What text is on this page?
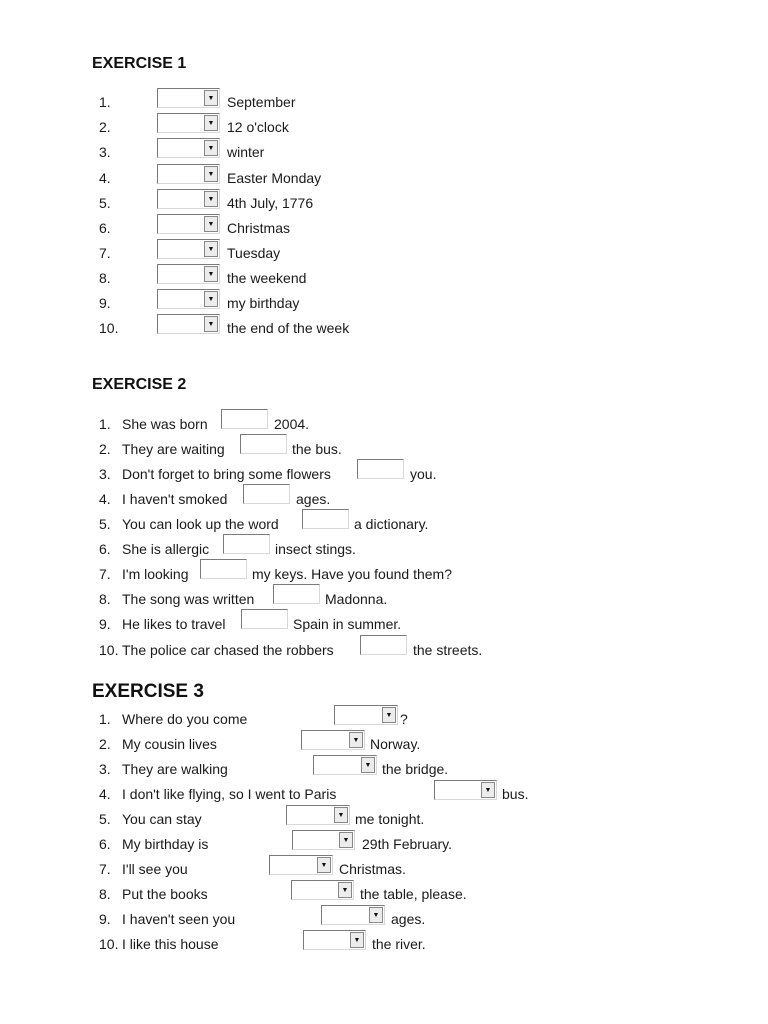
EXERCISE 1
1.	▼ September
2.	▼ 12 o'clock
3.	▼ winter
4.	▼ Easter Monday
5.	▼ 4th July, 1776
6.	▼ Christmas
7.	▼ Tuesday
8.	▼ the weekend
9.	▼ my birthday
10.	▼ the end of the week
EXERCISE 2
1. She was born	2004.
2. They are waiting	the bus.
3. Don't forget to bring some flowers	you.
4. I haven't smoked	ages.
5. You can look up the word	a dictionary.
6. She is allergic	insect stings.
7. I'm looking	my keys. Have you found them?
8. The song was written	Madonna.
9. He likes to travel	Spain in summer.
10. The police car chased the robbers	the streets.
EXERCISE 3
1. Where do you come	▼ ?
2. My cousin lives	▼ Norway.
3. They are walking	▼ the bridge.
4. I don't like flying, so I went to Paris	▼ bus.
5. You can stay	▼ me tonight.
6. My birthday is	▼ 29th February.
7. I'll see you	▼ Christmas.
8. Put the books	▼ the table, please.
9. I haven't seen you	▼ ages.
10. I like this house	▼ the river.
